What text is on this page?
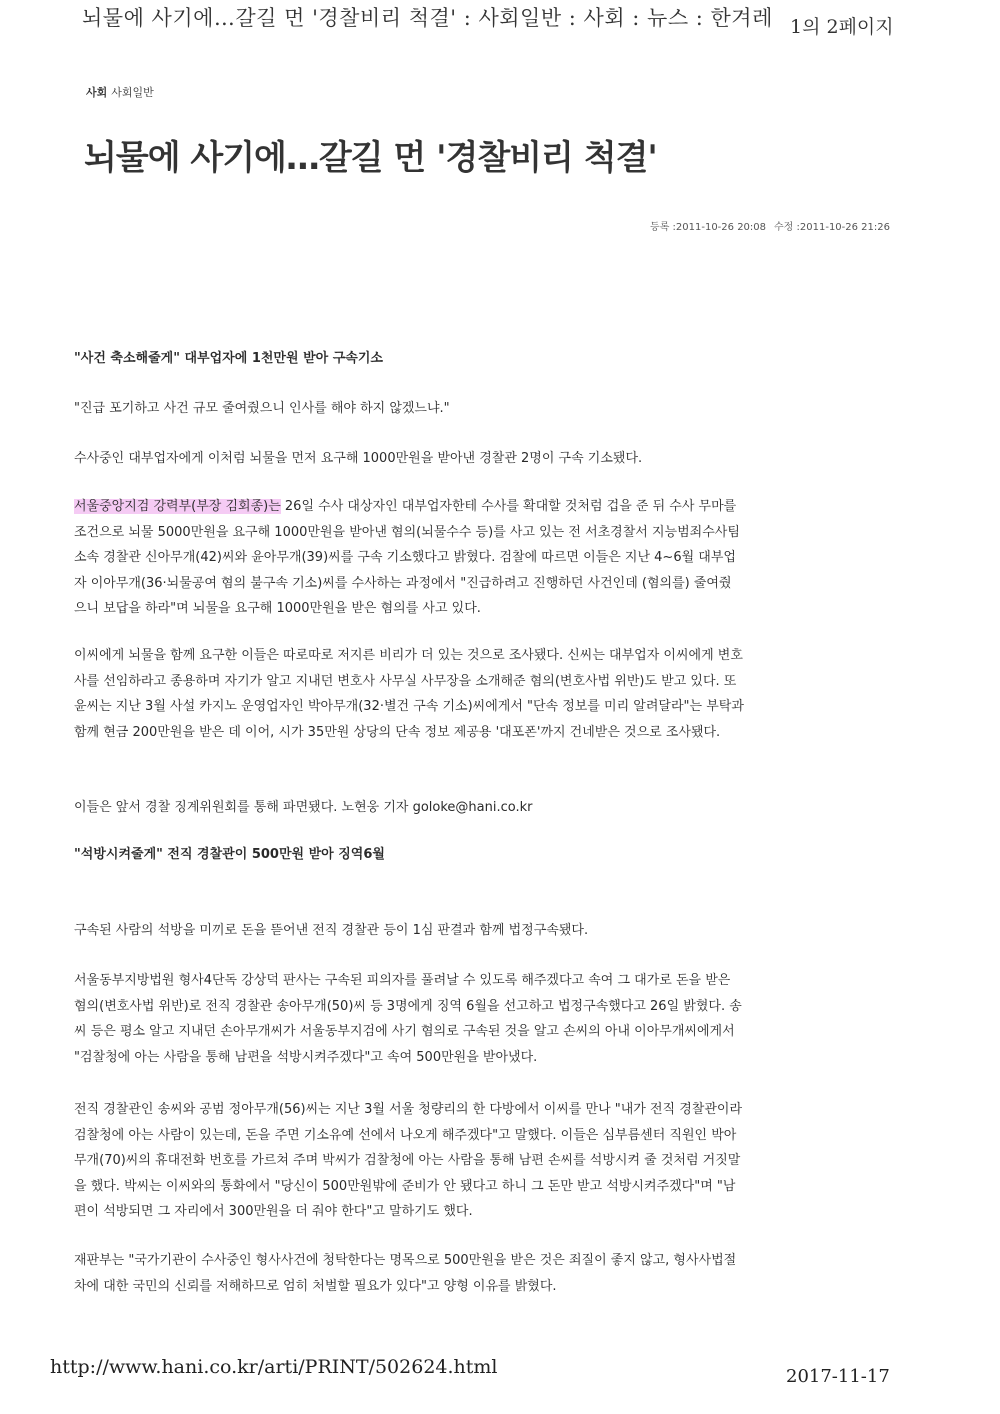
뇌물에 사기에…갈길 먼 '경찰비리 척결' : 사회일반 : 사회 : 뉴스 : 한겨레 1의 2페이지
사회 사회일반
뇌물에 사기에…갈길 먼 '경찰비리 척결'
등록 :2011-10-26 20:08 수정 :2011-10-26 21:26
"사건 축소해줄게" 대부업자에 1천만원 받아 구속기소
"진급 포기하고 사건 규모 줄여줬으니 인사를 해야 하지 않겠느냐."
수사중인 대부업자에게 이처럼 뇌물을 먼저 요구해 1000만원을 받아낸 경찰관 2명이 구속 기소됐다.

서울중앙지검 강력부(부장 김회종)는 26일 수사 대상자인 대부업자한테 수사를 확대할 것처럼 겁을 준 뒤 수사 무마를 조건으로 뇌물 5000만원을 요구해 1000만원을 받아낸 혐의(뇌물수수 등)를 사고 있는 전 서초경찰서 지능범죄수사팀 소속 경찰관 신아무개(42)씨와 윤아무개(39)씨를 구속 기소했다고 밝혔다. 검찰에 따르면 이들은 지난 4~6월 대부업자 이아무개(36·뇌물공여 혐의 불구속 기소)씨를 수사하는 과정에서 "진급하려고 진행하던 사건인데 (혐의를) 줄여줬으니 보답을 하라"며 뇌물을 요구해 1000만원을 받은 혐의를 사고 있다.

이씨에게 뇌물을 함께 요구한 이들은 따로따로 저지른 비리가 더 있는 것으로 조사됐다. 신씨는 대부업자 이씨에게 변호사를 선임하라고 종용하며 자기가 알고 지내던 변호사 사무실 사무장을 소개해준 혐의(변호사법 위반)도 받고 있다. 또 윤씨는 지난 3월 사설 카지노 운영업자인 박아무개(32·별건 구속 기소)씨에게서 "단속 정보를 미리 알려달라"는 부탁과 함께 현금 200만원을 받은 데 이어, 시가 35만원 상당의 단속 정보 제공용 '대포폰'까지 건네받은 것으로 조사됐다.
이들은 앞서 경찰 징계위원회를 통해 파면됐다. 노현웅 기자 goloke@hani.co.kr
"석방시켜줄게" 전직 경찰관이 500만원 받아 징역6월
구속된 사람의 석방을 미끼로 돈을 뜯어낸 전직 경찰관 등이 1심 판결과 함께 법정구속됐다.
서울동부지방법원 형사4단독 강상덕 판사는 구속된 피의자를 풀려날 수 있도록 해주겠다고 속여 그 대가로 돈을 받은 혐의(변호사법 위반)로 전직 경찰관 송아무개(50)씨 등 3명에게 징역 6월을 선고하고 법정구속했다고 26일 밝혔다. 송씨 등은 평소 알고 지내던 손아무개씨가 서울동부지검에 사기 혐의로 구속된 것을 알고 손씨의 아내 이아무개씨에게서 "검찰청에 아는 사람을 통해 남편을 석방시켜주겠다"고 속여 500만원을 받아냈다.
전직 경찰관인 송씨와 공범 정아무개(56)씨는 지난 3월 서울 청량리의 한 다방에서 이씨를 만나 "내가 전직 경찰관이라 검찰청에 아는 사람이 있는데, 돈을 주면 기소유예 선에서 나오게 해주겠다"고 말했다. 이들은 심부름센터 직원인 박아무개(70)씨의 휴대전화 번호를 가르쳐 주며 박씨가 검찰청에 아는 사람을 통해 남편 손씨를 석방시켜 줄 것처럼 거짓말을 했다. 박씨는 이씨와의 통화에서 "당신이 500만원밖에 준비가 안 됐다고 하니 그 돈만 받고 석방시켜주겠다"며 "남편이 석방되면 그 자리에서 300만원을 더 줘야 한다"고 말하기도 했다.
재판부는 "국가기관이 수사중인 형사사건에 청탁한다는 명목으로 500만원을 받은 것은 죄질이 좋지 않고, 형사사법절차에 대한 국민의 신뢰를 저해하므로 엄히 처벌할 필요가 있다"고 양형 이유를 밝혔다.
http://www.hani.co.kr/arti/PRINT/502624.html	2017-11-17
